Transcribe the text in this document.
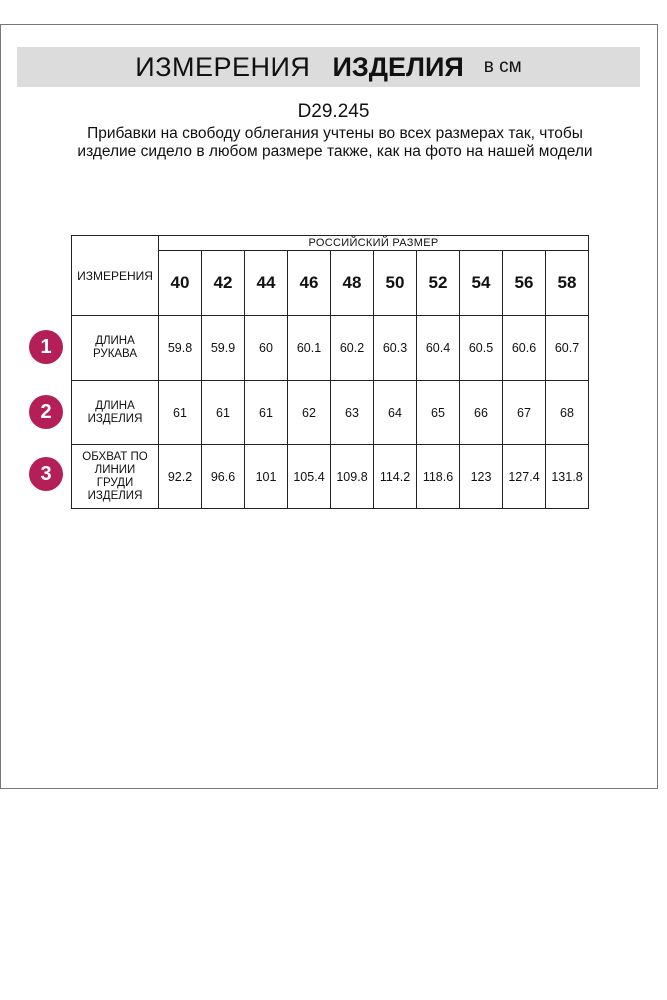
ИЗМЕРЕНИЯ ИЗДЕЛИЯ в см
D29.245
Прибавки на свободу облегания учтены во всех размерах так, чтобы изделие сидело в любом размере также, как на фото на нашей модели
1
2
3
ИЗМЕРЕНИЯ	РОССИЙСКИЙ РАЗМЕР									
	40	42	44	46	48	50	52	54	56	58

ДЛИНА
РУКАВА	59.8	59.9	60	60.1	60.2	60.3	60.4	60.5	60.6	60.7

ДЛИНА
ИЗДЕЛИЯ	61	61	61	62	63	64	65	66	67	68

ОБХВАТ ПО
ЛИНИИ
ГРУДИ
ИЗДЕЛИЯ	92.2	96.6	101	105.4	109.8	114.2	118.6	123	127.4	131.8
